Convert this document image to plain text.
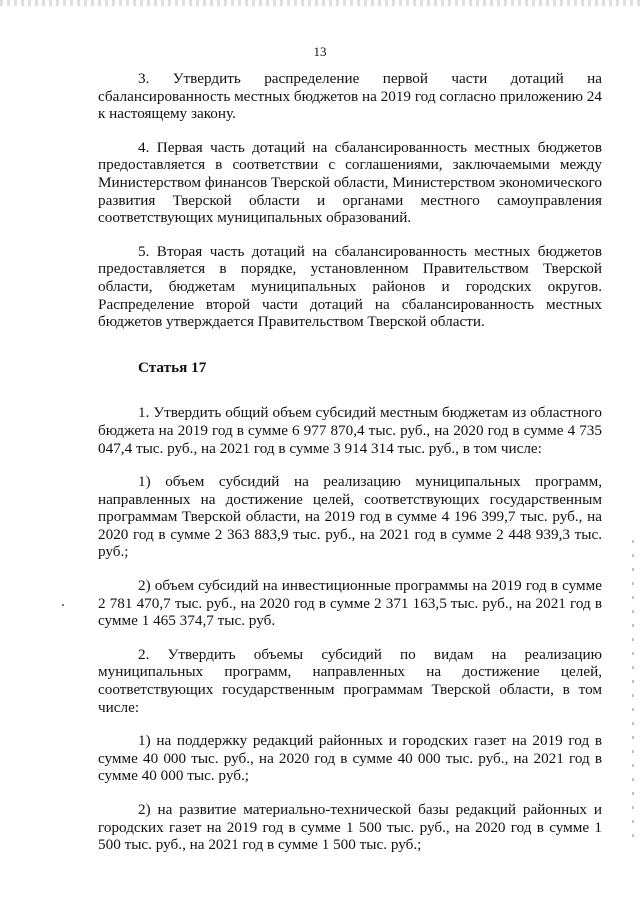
13

3. Утвердить распределение первой части дотаций на сбалансированность местных бюджетов на 2019 год согласно приложению 24 к настоящему закону.

4. Первая часть дотаций на сбалансированность местных бюджетов предоставляется в соответствии с соглашениями, заключаемыми между Министерством финансов Тверской области, Министерством экономического развития Тверской области и органами местного самоуправления соответствующих муниципальных образований.

5. Вторая часть дотаций на сбалансированность местных бюджетов предоставляется в порядке, установленном Правительством Тверской области, бюджетам муниципальных районов и городских округов. Распределение второй части дотаций на сбалансированность местных бюджетов утверждается Правительством Тверской области.

Статья 17

1. Утвердить общий объем субсидий местным бюджетам из областного бюджета на 2019 год в сумме 6 977 870,4 тыс. руб., на 2020 год в сумме 4 735 047,4 тыс. руб., на 2021 год в сумме 3 914 314 тыс. руб., в том числе:

1) объем субсидий на реализацию муниципальных программ, направленных на достижение целей, соответствующих государственным программам Тверской области, на 2019 год в сумме 4 196 399,7 тыс. руб., на 2020 год в сумме 2 363 883,9 тыс. руб., на 2021 год в сумме 2 448 939,3 тыс. руб.;

2) объем субсидий на инвестиционные программы на 2019 год в сумме 2 781 470,7 тыс. руб., на 2020 год в сумме 2 371 163,5 тыс. руб., на 2021 год в сумме 1 465 374,7 тыс. руб.

2. Утвердить объемы субсидий по видам на реализацию муниципальных программ, направленных на достижение целей, соответствующих государственным программам Тверской области, в том числе:

1) на поддержку редакций районных и городских газет на 2019 год в сумме 40 000 тыс. руб., на 2020 год в сумме 40 000 тыс. руб., на 2021 год в сумме 40 000 тыс. руб.;

2) на развитие материально-технической базы редакций районных и городских газет на 2019 год в сумме 1 500 тыс. руб., на 2020 год в сумме 1 500 тыс. руб., на 2021 год в сумме 1 500 тыс. руб.;
